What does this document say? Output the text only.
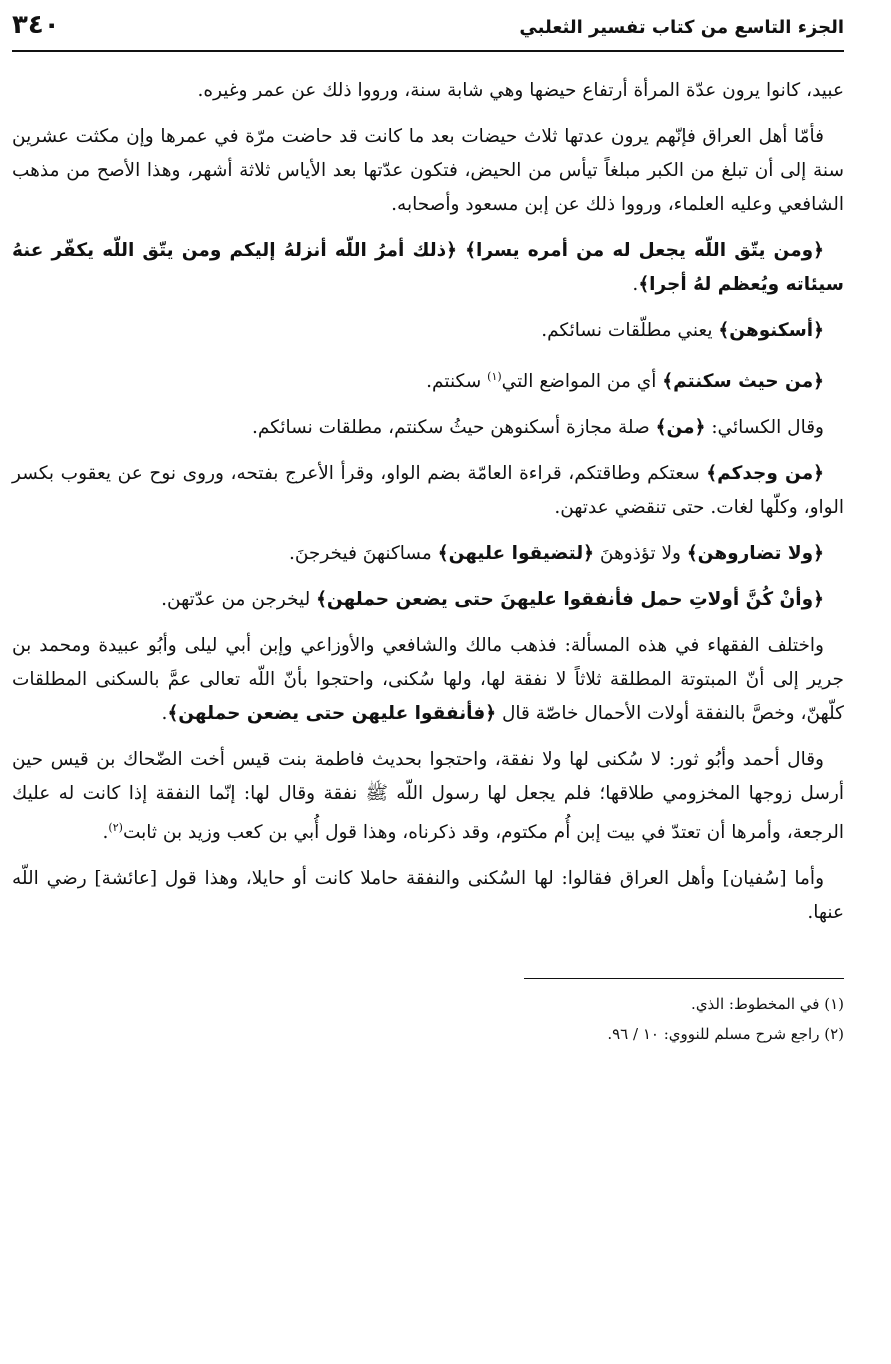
الجزء التاسع من كتاب تفسير الثعلبي
٣٤٠

عبيد، كانوا يرون عدّة المرأة أرتفاع حيضها وهي شابة سنة، ورووا ذلك عن عمر وغيره.

فأمّا أهل العراق فإنّهم يرون عدتها ثلاث حيضات بعد ما كانت قد حاضت مرّة في عمرها وإن مكثت عشرين سنة إلى أن تبلغ من الكبر مبلغاً تيأس من الحيض، فتكون عدّتها بعد الأياس ثلاثة أشهر، وهذا الأصح من مذهب الشافعي وعليه العلماء، ورووا ذلك عن إبن مسعود وأصحابه.

﴿ومن يتّق اللّه يجعل له من أمره يسرا﴾ ﴿ذلك أمرُ اللّه أنزلهُ إليكم ومن يتّق اللّه يكفّر عنهُ سيئاته ويُعظم لهُ أجرا﴾.

﴿أسكنوهن﴾ يعني مطلّقات نسائكم.

﴿من حيث سكنتم﴾ أي من المواضع التي$^{(١)}$ سكنتم.

وقال الكسائي: ﴿من﴾ صلة مجازة أسكنوهن حيثُ سكنتم، مطلقات نسائكم.

﴿من وجدكم﴾ سعتكم وطاقتكم، قراءة العامّة بضم الواو، وقرأ الأعرج بفتحه، وروى نوح عن يعقوب بكسر الواو، وكلّها لغات. حتى تنقضي عدتهن.

﴿ولا تضاروهن﴾ ولا تؤذوهنَ ﴿لتضيقوا عليهن﴾ مساكنهنَ فيخرجنَ.

﴿وأنْ كُنَّ أولاتِ حمل فأنفقوا عليهنَ حتى يضعن حملهن﴾ ليخرجن من عدّتهن.

واختلف الفقهاء في هذه المسألة: فذهب مالك والشافعي والأوزاعي وإبن أبي ليلى وأبُو عبيدة ومحمد بن جرير إلى أنّ المبتوتة المطلقة ثلاثاً لا نفقة لها، ولها سُكنى، واحتجوا بأنّ اللّه تعالى عمَّ بالسكنى المطلقات كلّهنّ، وخصَّ بالنفقة أولات الأحمال خاصّة قال ﴿فأنفقوا عليهن حتى يضعن حملهن﴾.

وقال أحمد وأبُو ثور: لا سُكنى لها ولا نفقة، واحتجوا بحديث فاطمة بنت قيس أخت الضّحاك بن قيس حين أرسل زوجها المخزومي طلاقها؛ فلم يجعل لها رسول اللّه ﷺ نفقة وقال لها: إنّما النفقة إذا كانت له عليك الرجعة، وأمرها أن تعتدّ في بيت إبن أُم مكتوم، وقد ذكرناه، وهذا قول أُبي بن كعب وزيد بن ثابت$^{(٢)}$.

وأما [سُفيان] وأهل العراق فقالوا: لها السُكنى والنفقة حاملا كانت أو حايلا، وهذا قول [عائشة] رضي اللّه عنها.

(١) في المخطوط: الذي.

(٢) راجع شرح مسلم للنووي: ١٠ / ٩٦.
